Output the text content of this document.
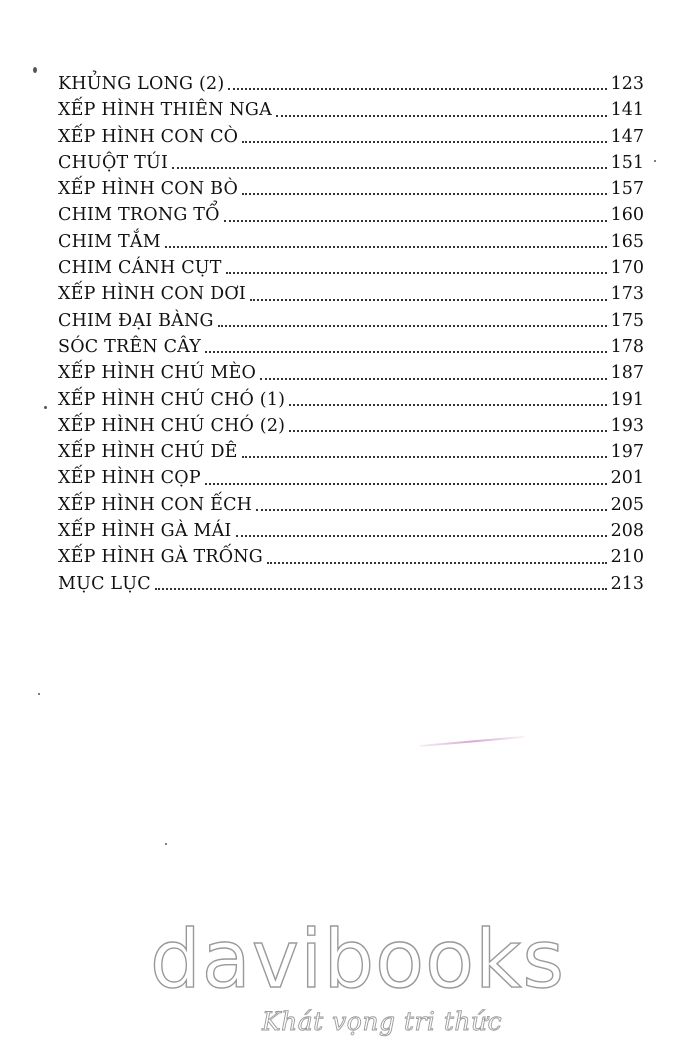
KHỦNG LONG (2)	123
XẾP HÌNH THIÊN NGA	141
XẾP HÌNH CON CÒ	147
CHUỘT TÚI	151
XẾP HÌNH CON BÒ	157
CHIM TRONG TỔ	160
CHIM TẮM	165
CHIM CÁNH CỤT	170
XẾP HÌNH CON DƠI	173
CHIM ĐẠI BÀNG	175
SÓC TRÊN CÂY	178
XẾP HÌNH CHÚ MÈO	187
XẾP HÌNH CHÚ CHÓ (1)	191
XẾP HÌNH CHÚ CHÓ (2)	193
XẾP HÌNH CHÚ DÊ	197
XẾP HÌNH CỌP	201
XẾP HÌNH CON ẾCH	205
XẾP HÌNH GÀ MÁI	208
XẾP HÌNH GÀ TRỐNG	210
MỤC LỤC	213
davibooks
Khát vọng tri thức
